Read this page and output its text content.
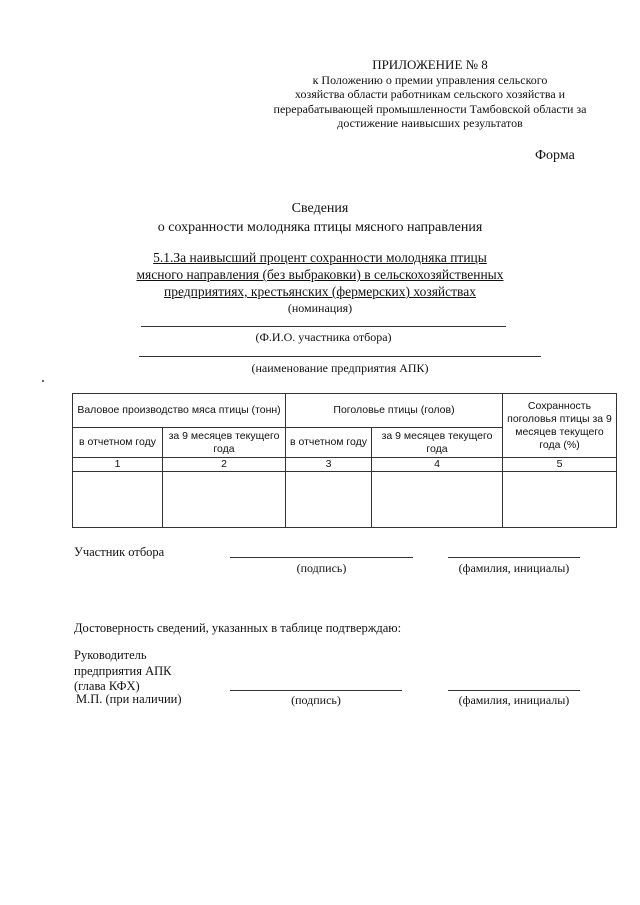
ПРИЛОЖЕНИЕ № 8
к Положению о премии управления сельского
хозяйства области работникам сельского хозяйства и
перерабатывающей промышленности Тамбовской области за
достижение наивысших результатов
Форма
Сведения
о сохранности молодняка птицы мясного направления
5.1.За наивысший процент сохранности молодняка птицы
мясного направления (без выбраковки) в сельскохозяйственных
предприятиях, крестьянских (фермерских) хозяйствах
(номинация)
(Ф.И.О. участника отбора)
(наименование предприятия АПК)
Валовое производство мяса птицы (тонн)		Поголовье птицы (голов)		Сохранность поголовья птицы за 9 месяцев текущего года (%)
в отчетном году	за 9 месяцев текущего года	в отчетном году	за 9 месяцев текущего года	
1	2	3	4	5

Участник отбора
(подпись)	(фамилия, инициалы)
Достоверность сведений, указанных в таблице подтверждаю:
Руководитель
предприятия АПК
(глава КФХ)
М.П. (при наличии)	(подпись)	(фамилия, инициалы)
